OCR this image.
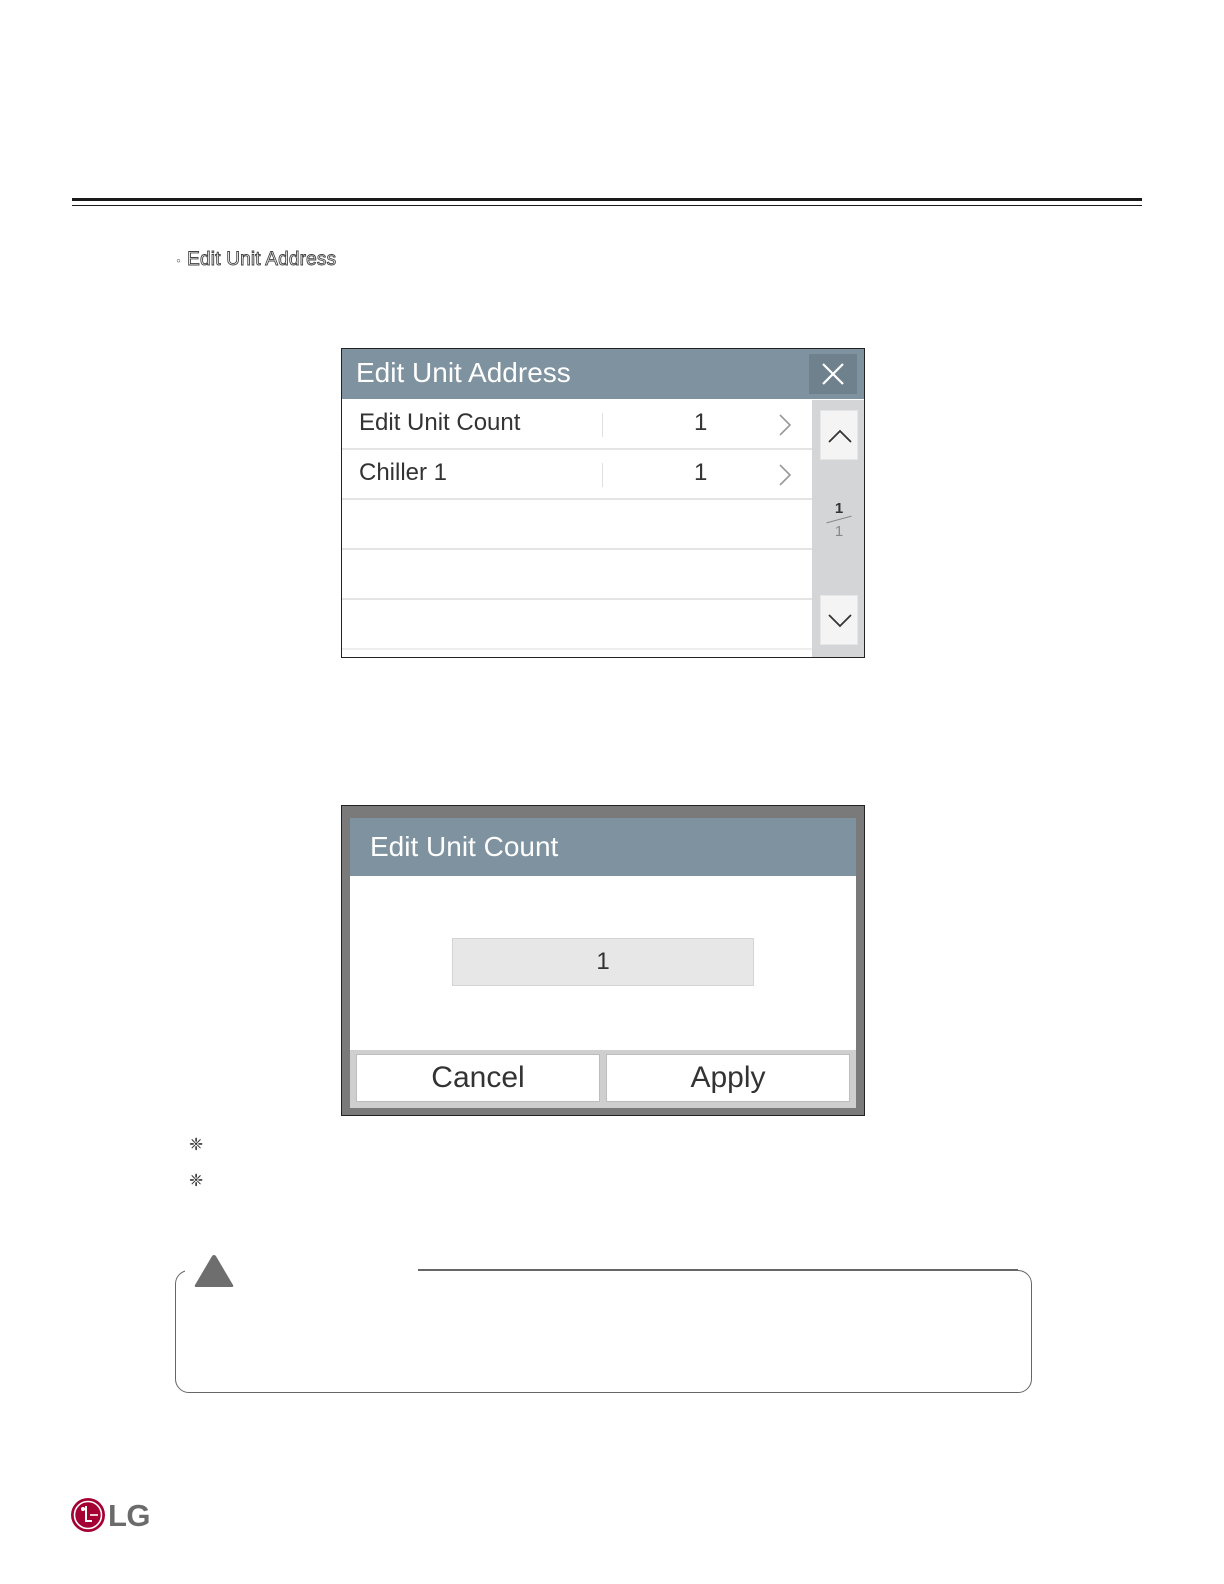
◦ Edit Unit Address
Edit Unit Address
Edit Unit Count	1
Chiller 1	1
1
1
Edit Unit Count
1
Cancel	Apply
❈
❈
LG
